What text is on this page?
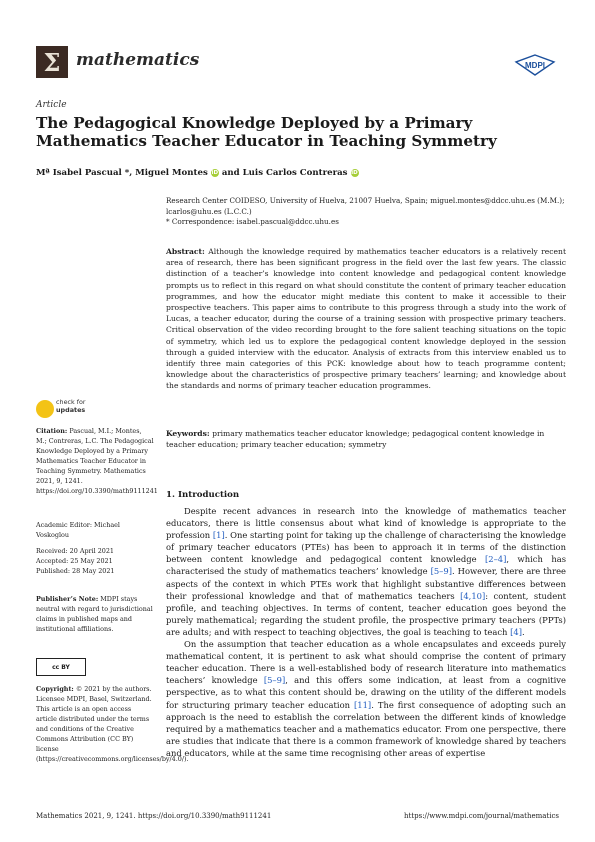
Σ mathematics	MDPI
Article
The Pedagogical Knowledge Deployed by a Primary Mathematics Teacher Educator in Teaching Symmetry
Mª Isabel Pascual *, Miguel Montes iD and Luis Carlos Contreras iD
Research Center COIDESO, University of Huelva, 21007 Huelva, Spain; miguel.montes@ddcc.uhu.es (M.M.);
lcarlos@uhu.es (L.C.C.)
* Correspondence: isabel.pascual@ddcc.uhu.es
Abstract: Although the knowledge required by mathematics teacher educators is a relatively recent area of research, there has been significant progress in the field over the last few years. The classic distinction of a teacher’s knowledge into content knowledge and pedagogical content knowledge prompts us to reflect in this regard on what should constitute the content of primary teacher education programmes, and how the educator might mediate this content to make it accessible to their prospective teachers. This paper aims to contribute to this progress through a study into the work of Lucas, a teacher educator, during the course of a training session with prospective primary teachers. Critical observation of the video recording brought to the fore salient teaching situations on the topic of symmetry, which led us to explore the pedagogical content knowledge deployed in the session through a guided interview with the educator. Analysis of extracts from this interview enabled us to identify three main categories of this PCK: knowledge about how to teach programme content; knowledge about the characteristics of prospective primary teachers’ learning; and knowledge about the standards and norms of primary teacher education programmes.
Keywords: primary mathematics teacher educator knowledge; pedagogical content knowledge in teacher education; primary teacher education; symmetry
check for
updates
Citation: Pascual, M.I.; Montes, M.; Contreras, L.C. The Pedagogical Knowledge Deployed by a Primary Mathematics Teacher Educator in Teaching Symmetry. Mathematics 2021, 9, 1241. https://doi.org/10.3390/math9111241
Academic Editor: Michael Voskoglou
Received: 20 April 2021
Accepted: 25 May 2021
Published: 28 May 2021
Publisher’s Note: MDPI stays neutral with regard to jurisdictional claims in published maps and institutional affiliations.
cc BY
Copyright: © 2021 by the authors. Licensee MDPI, Basel, Switzerland. This article is an open access article distributed under the terms and conditions of the Creative Commons Attribution (CC BY) license (https://creativecommons.org/licenses/by/4.0/).
1. Introduction

Despite recent advances in research into the knowledge of mathematics teacher educators, there is little consensus about what kind of knowledge is appropriate to the profession [1]. One starting point for taking up the challenge of characterising the knowledge of primary teacher educators (PTEs) has been to approach it in terms of the distinction between content knowledge and pedagogical content knowledge [2–4], which has characterised the study of mathematics teachers’ knowledge [5–9]. However, there are three aspects of the context in which PTEs work that highlight substantive differences between their professional knowledge and that of mathematics teachers [4,10]: content, student profile, and teaching objectives. In terms of content, teacher education goes beyond the purely mathematical; regarding the student profile, the prospective primary teachers (PPTs) are adults; and with respect to teaching objectives, the goal is teaching to teach [4].

On the assumption that teacher education as a whole encapsulates and exceeds purely mathematical content, it is pertinent to ask what should comprise the content of primary teacher education. There is a well-established body of research literature into mathematics teachers’ knowledge [5–9], and this offers some indication, at least from a cognitive perspective, as to what this content should be, drawing on the utility of the different models for structuring primary teacher education [11]. The first consequence of adopting such an approach is the need to establish the correlation between the different kinds of knowledge required by a mathematics teacher and a mathematics educator. From one perspective, there are studies that indicate that there is a common framework of knowledge shared by teachers and educators, while at the same time recognising other areas of expertise

Mathematics 2021, 9, 1241. https://doi.org/10.3390/math9111241	https://www.mdpi.com/journal/mathematics
